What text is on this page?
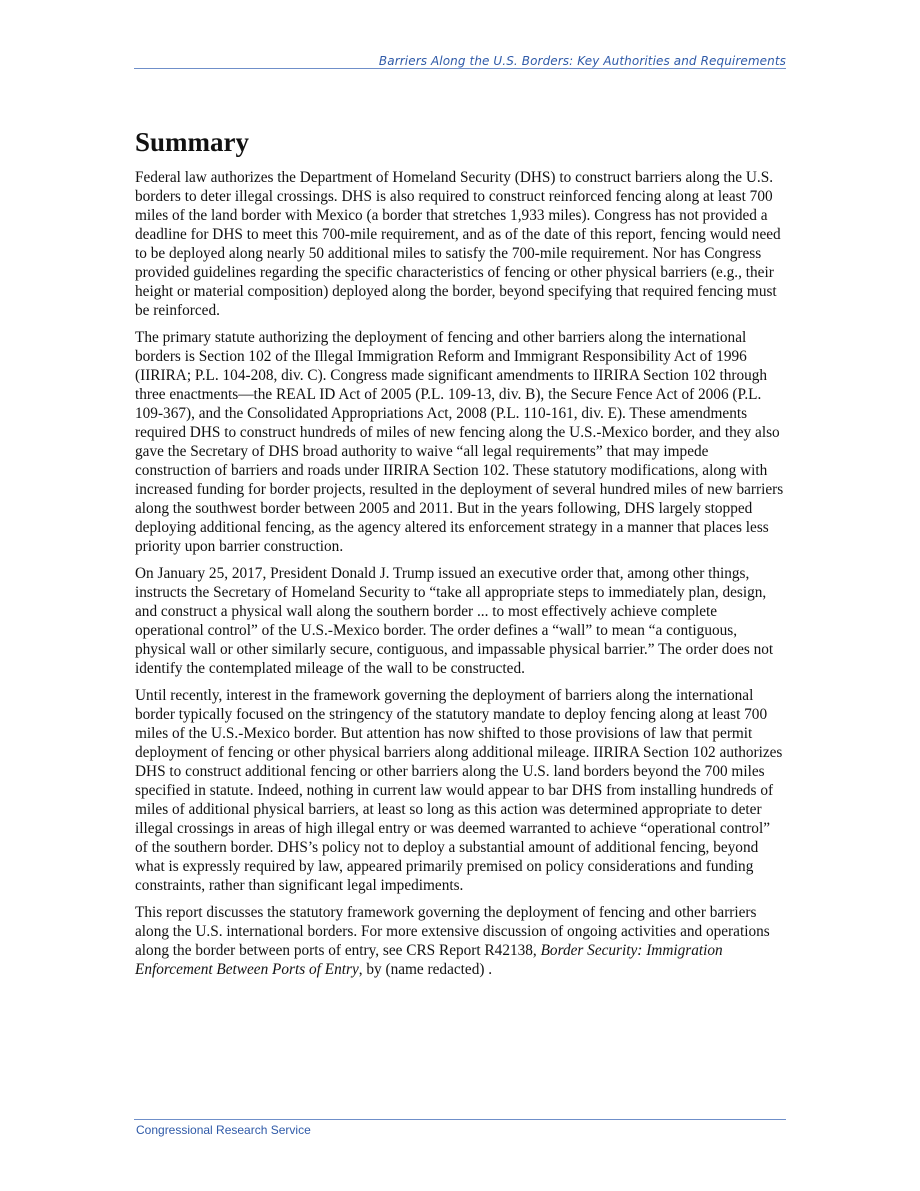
Barriers Along the U.S. Borders: Key Authorities and Requirements
Summary

Federal law authorizes the Department of Homeland Security (DHS) to construct barriers along the U.S. borders to deter illegal crossings. DHS is also required to construct reinforced fencing along at least 700 miles of the land border with Mexico (a border that stretches 1,933 miles). Congress has not provided a deadline for DHS to meet this 700-mile requirement, and as of the date of this report, fencing would need to be deployed along nearly 50 additional miles to satisfy the 700-mile requirement. Nor has Congress provided guidelines regarding the specific characteristics of fencing or other physical barriers (e.g., their height or material composition) deployed along the border, beyond specifying that required fencing must be reinforced.

The primary statute authorizing the deployment of fencing and other barriers along the international borders is Section 102 of the Illegal Immigration Reform and Immigrant Responsibility Act of 1996 (IIRIRA; P.L. 104-208, div. C). Congress made significant amendments to IIRIRA Section 102 through three enactments—the REAL ID Act of 2005 (P.L. 109-13, div. B), the Secure Fence Act of 2006 (P.L. 109-367), and the Consolidated Appropriations Act, 2008 (P.L. 110-161, div. E). These amendments required DHS to construct hundreds of miles of new fencing along the U.S.-Mexico border, and they also gave the Secretary of DHS broad authority to waive “all legal requirements” that may impede construction of barriers and roads under IIRIRA Section 102. These statutory modifications, along with increased funding for border projects, resulted in the deployment of several hundred miles of new barriers along the southwest border between 2005 and 2011. But in the years following, DHS largely stopped deploying additional fencing, as the agency altered its enforcement strategy in a manner that places less priority upon barrier construction.

On January 25, 2017, President Donald J. Trump issued an executive order that, among other things, instructs the Secretary of Homeland Security to “take all appropriate steps to immediately plan, design, and construct a physical wall along the southern border ... to most effectively achieve complete operational control” of the U.S.-Mexico border. The order defines a “wall” to mean “a contiguous, physical wall or other similarly secure, contiguous, and impassable physical barrier.” The order does not identify the contemplated mileage of the wall to be constructed.

Until recently, interest in the framework governing the deployment of barriers along the international border typically focused on the stringency of the statutory mandate to deploy fencing along at least 700 miles of the U.S.-Mexico border. But attention has now shifted to those provisions of law that permit deployment of fencing or other physical barriers along additional mileage. IIRIRA Section 102 authorizes DHS to construct additional fencing or other barriers along the U.S. land borders beyond the 700 miles specified in statute. Indeed, nothing in current law would appear to bar DHS from installing hundreds of miles of additional physical barriers, at least so long as this action was determined appropriate to deter illegal crossings in areas of high illegal entry or was deemed warranted to achieve “operational control” of the southern border. DHS’s policy not to deploy a substantial amount of additional fencing, beyond what is expressly required by law, appeared primarily premised on policy considerations and funding constraints, rather than significant legal impediments.

This report discusses the statutory framework governing the deployment of fencing and other barriers along the U.S. international borders. For more extensive discussion of ongoing activities and operations along the border between ports of entry, see CRS Report R42138, Border Security: Immigration Enforcement Between Ports of Entry, by (name redacted) .

Congressional Research Service
